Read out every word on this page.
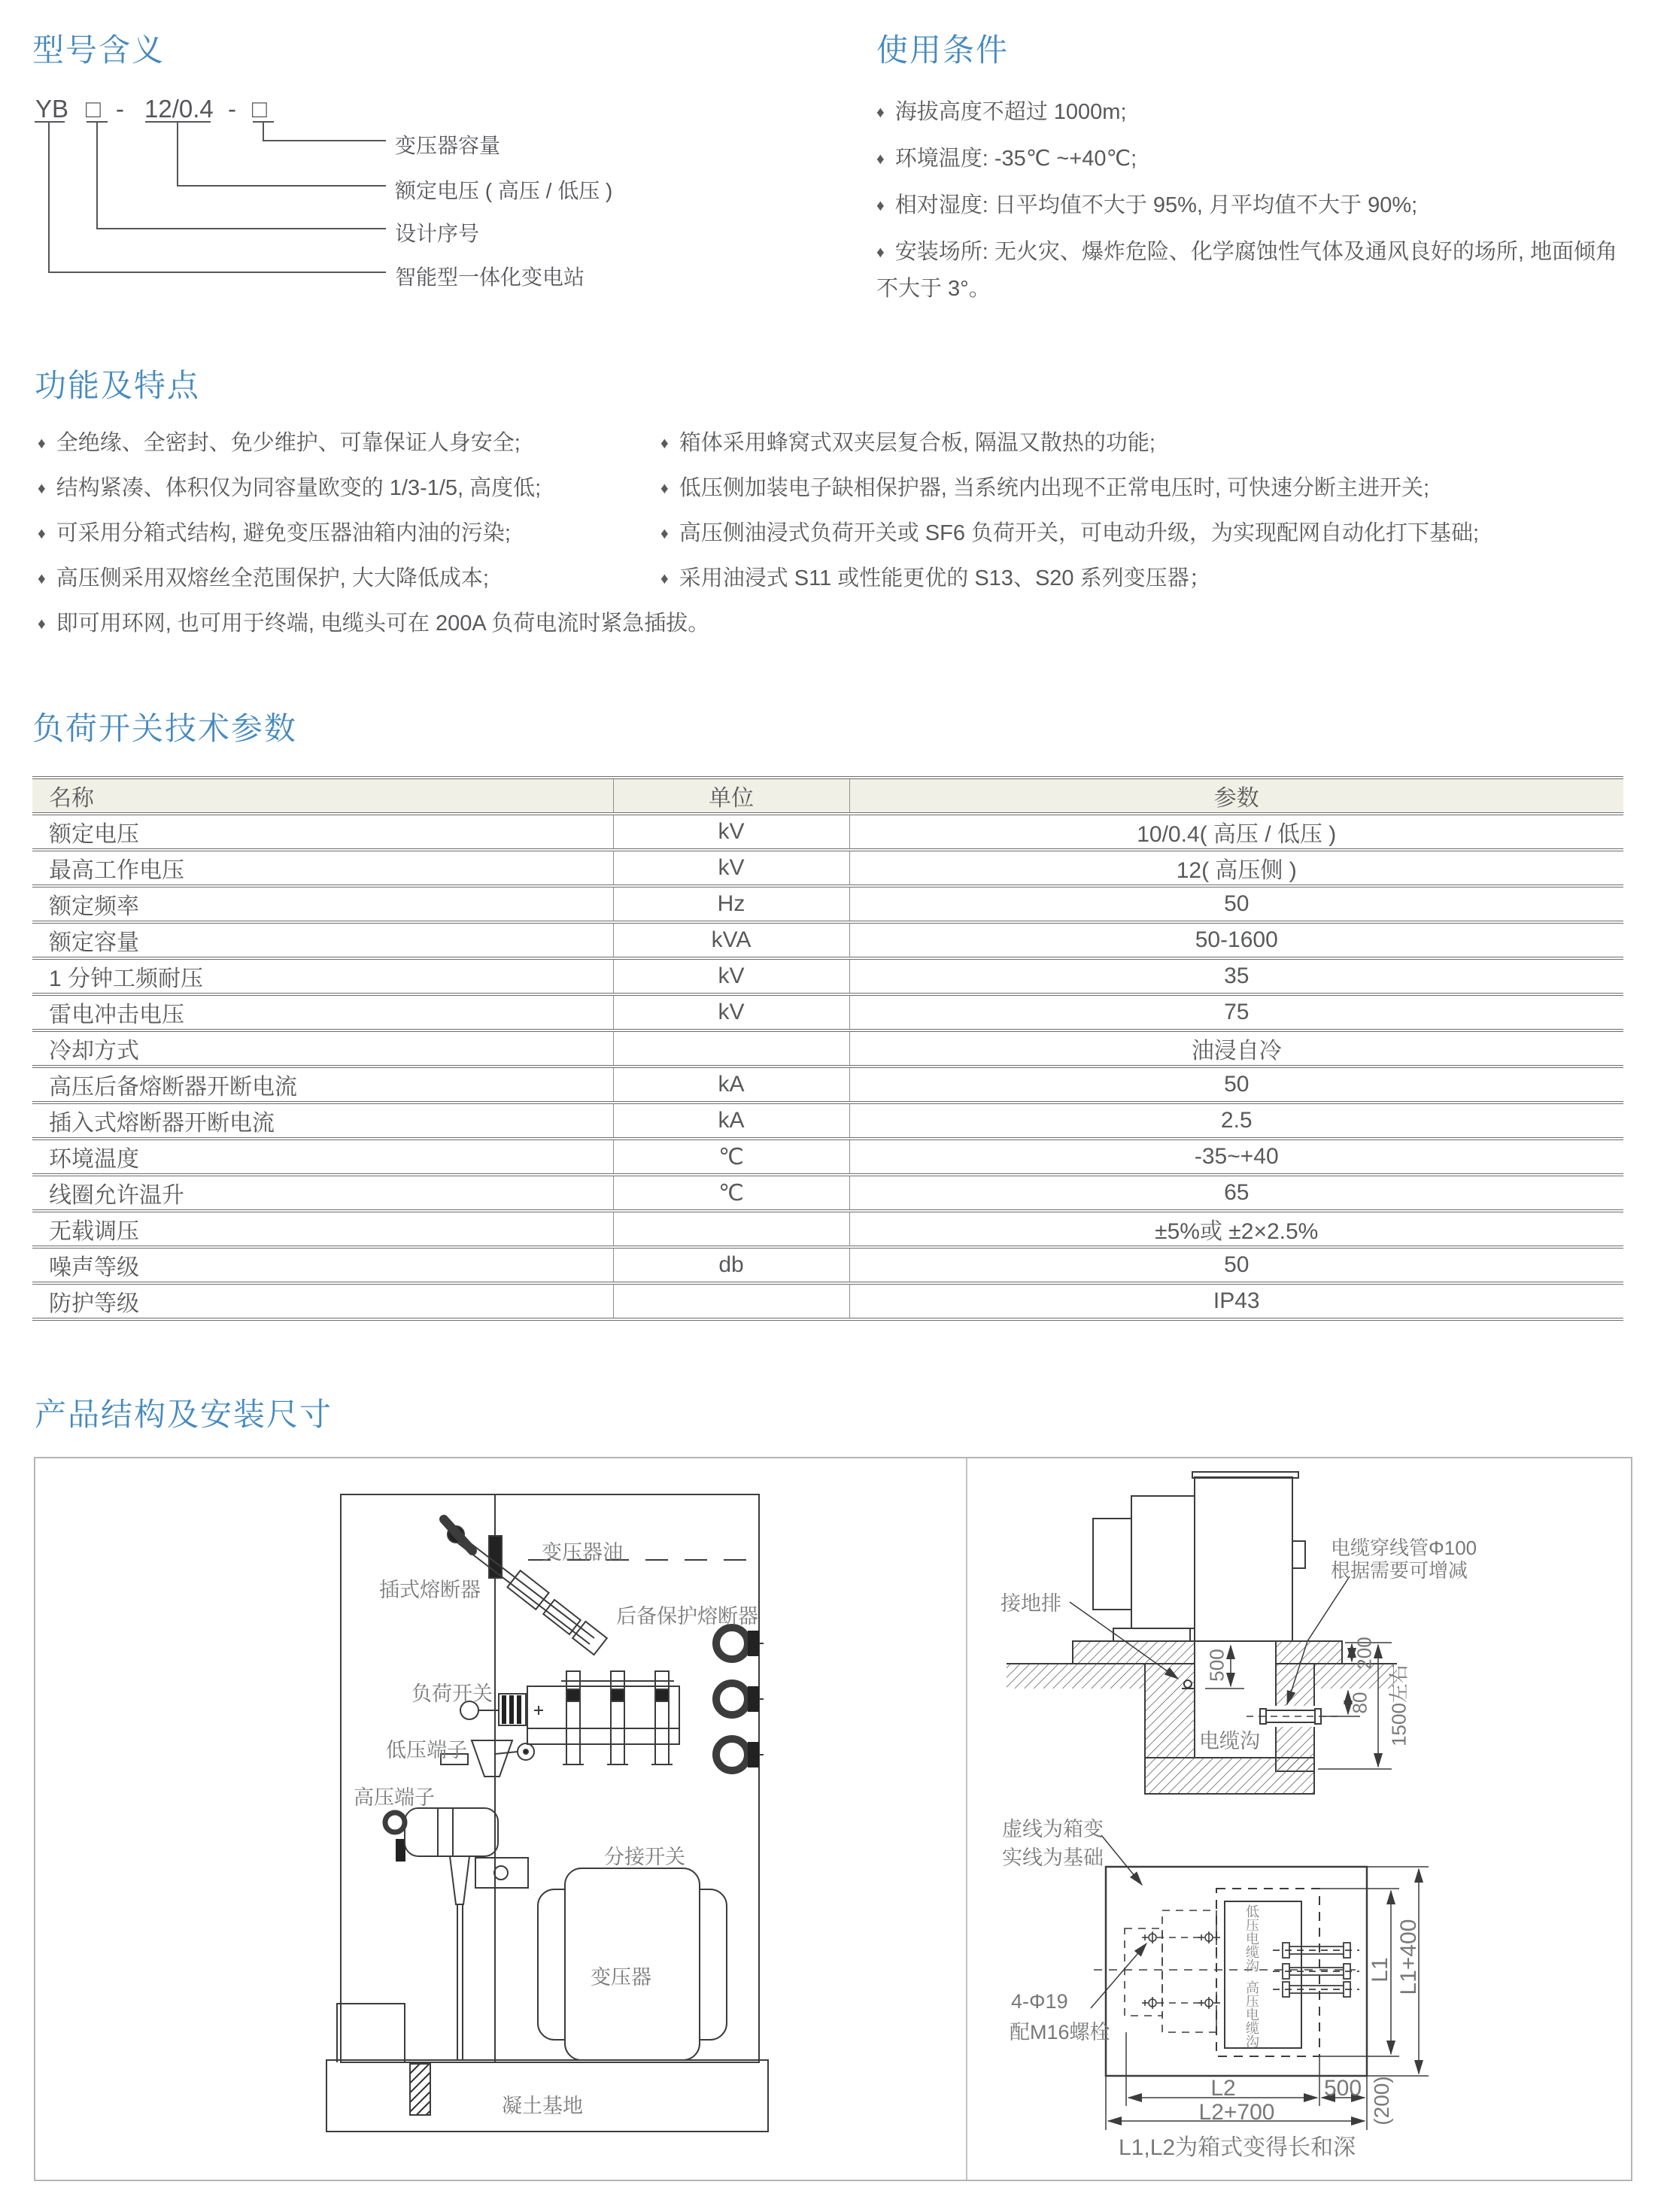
型号含义	使用条件
功能及特点
负荷开关技术参数
产品结构及安装尺寸
YB □ - 12/0.4 - □
变压器容量
额定电压 ( 高压 / 低压 )
设计序号
智能型一体化变电站
♦ 海拔高度不超过 1000m;
♦ 环境温度: -35℃ ~+40℃;
♦ 相对湿度: 日平均值不大于 95%, 月平均值不大于 90%;
♦ 安装场所: 无火灾、爆炸危险、化学腐蚀性气体及通风良好的场所, 地面倾角不大于 3°。
♦ 全绝缘、全密封、免少维护、可靠保证人身安全;
♦ 结构紧凑、体积仅为同容量欧变的 1/3-1/5, 高度低;
♦ 可采用分箱式结构, 避免变压器油箱内油的污染;
♦ 高压侧采用双熔丝全范围保护, 大大降低成本;
♦ 箱体采用蜂窝式双夹层复合板, 隔温又散热的功能;
♦ 低压侧加装电子缺相保护器, 当系统内出现不正常电压时, 可快速分断主进开关;
♦ 高压侧油浸式负荷开关或 SF6 负荷开关，可电动升级，为实现配网自动化打下基础;
♦ 采用油浸式 S11 或性能更优的 S13、S20 系列变压器；
♦ 即可用环网, 也可用于终端, 电缆头可在 200A 负荷电流时紧急插拔。
名称	单位	参数
额定电压	kV	10/0.4( 高压 / 低压 )
最高工作电压	kV	12( 高压侧 )
额定频率	Hz	50
额定容量	kVA	50-1600
1 分钟工频耐压	kV	35
雷电冲击电压	kV	75
冷却方式		油浸自冷
高压后备熔断器开断电流	kA	50
插入式熔断器开断电流	kA	2.5
环境温度	℃	-35~+40
线圈允许温升	℃	65
无载调压		±5%或 ±2×2.5%
噪声等级	db	50
防护等级		IP43
变压器油
插式熔断器
后备保护熔断器
负荷开关
低压端子
高压端子
分接开关
变压器
凝土基地
电缆穿线管Φ100
根据需要可增减
接地排
电缆沟
500	200
80 1500左右
虚线为箱变
实线为基础
4-Φ19
配M16螺栓
低压电缆沟
高压电缆沟
L1 L1+400
(200)
L2	500
L2+700
L1,L2为箱式变得长和深
